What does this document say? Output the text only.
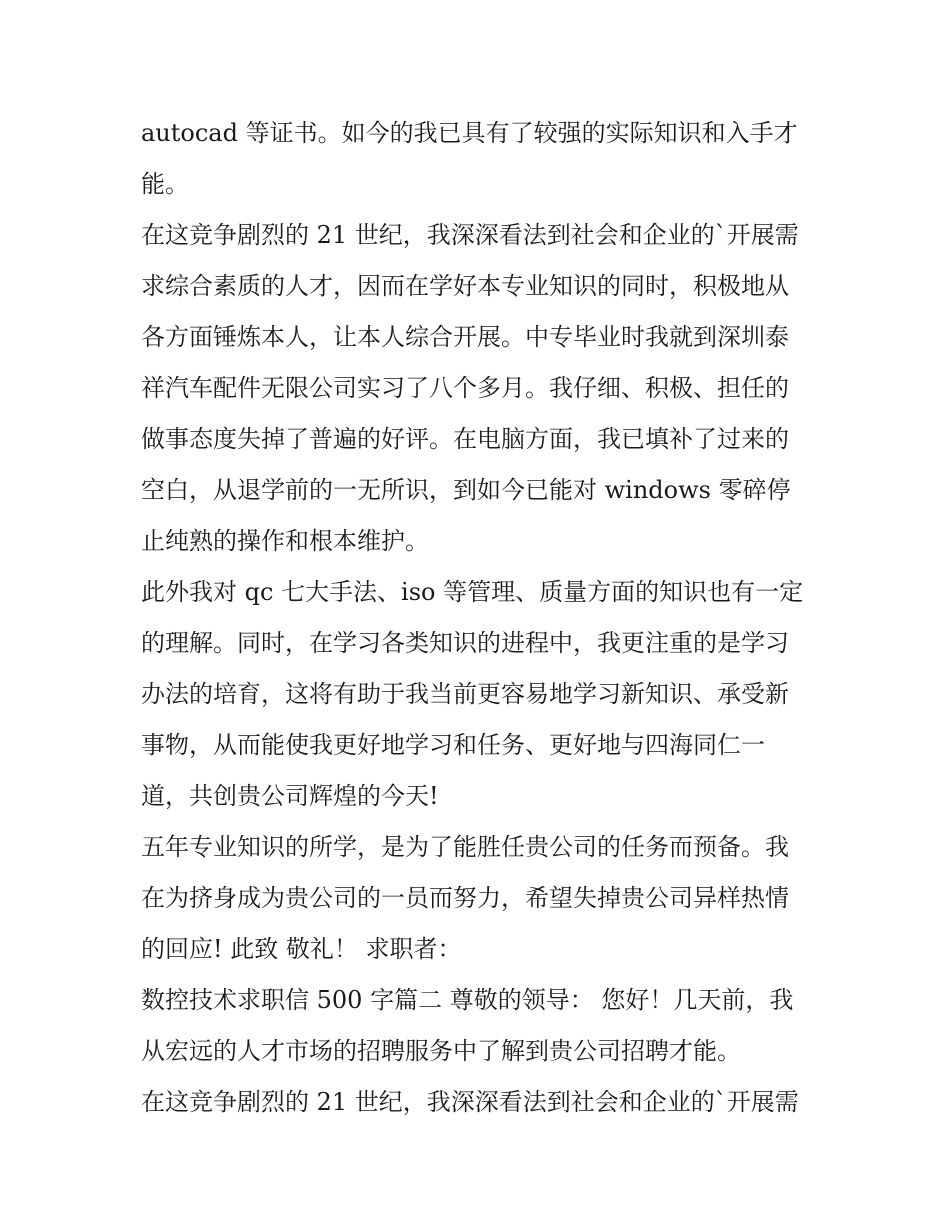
autocad 等证书。如今的我已具有了较强的实际知识和入手才
能。
在这竞争剧烈的 21 世纪，我深深看法到社会和企业的`开展需
求综合素质的人才，因而在学好本专业知识的同时，积极地从
各方面锤炼本人，让本人综合开展。中专毕业时我就到深圳泰
祥汽车配件无限公司实习了八个多月。我仔细、积极、担任的
做事态度失掉了普遍的好评。在电脑方面，我已填补了过来的
空白，从退学前的一无所识，到如今已能对 windows 零碎停
止纯熟的操作和根本维护。
此外我对 qc 七大手法、iso 等管理、质量方面的知识也有一定
的理解。同时，在学习各类知识的进程中，我更注重的是学习
办法的培育，这将有助于我当前更容易地学习新知识、承受新
事物，从而能使我更好地学习和任务、更好地与四海同仁一
道，共创贵公司辉煌的今天!
五年专业知识的所学，是为了能胜任贵公司的任务而预备。我
在为挤身成为贵公司的一员而努力，希望失掉贵公司异样热情
的回应! 此致 敬礼！ 求职者：
数控技术求职信 500 字篇二 尊敬的领导： 您好！几天前，我
从宏远的人才市场的招聘服务中了解到贵公司招聘才能。
在这竞争剧烈的 21 世纪，我深深看法到社会和企业的`开展需
